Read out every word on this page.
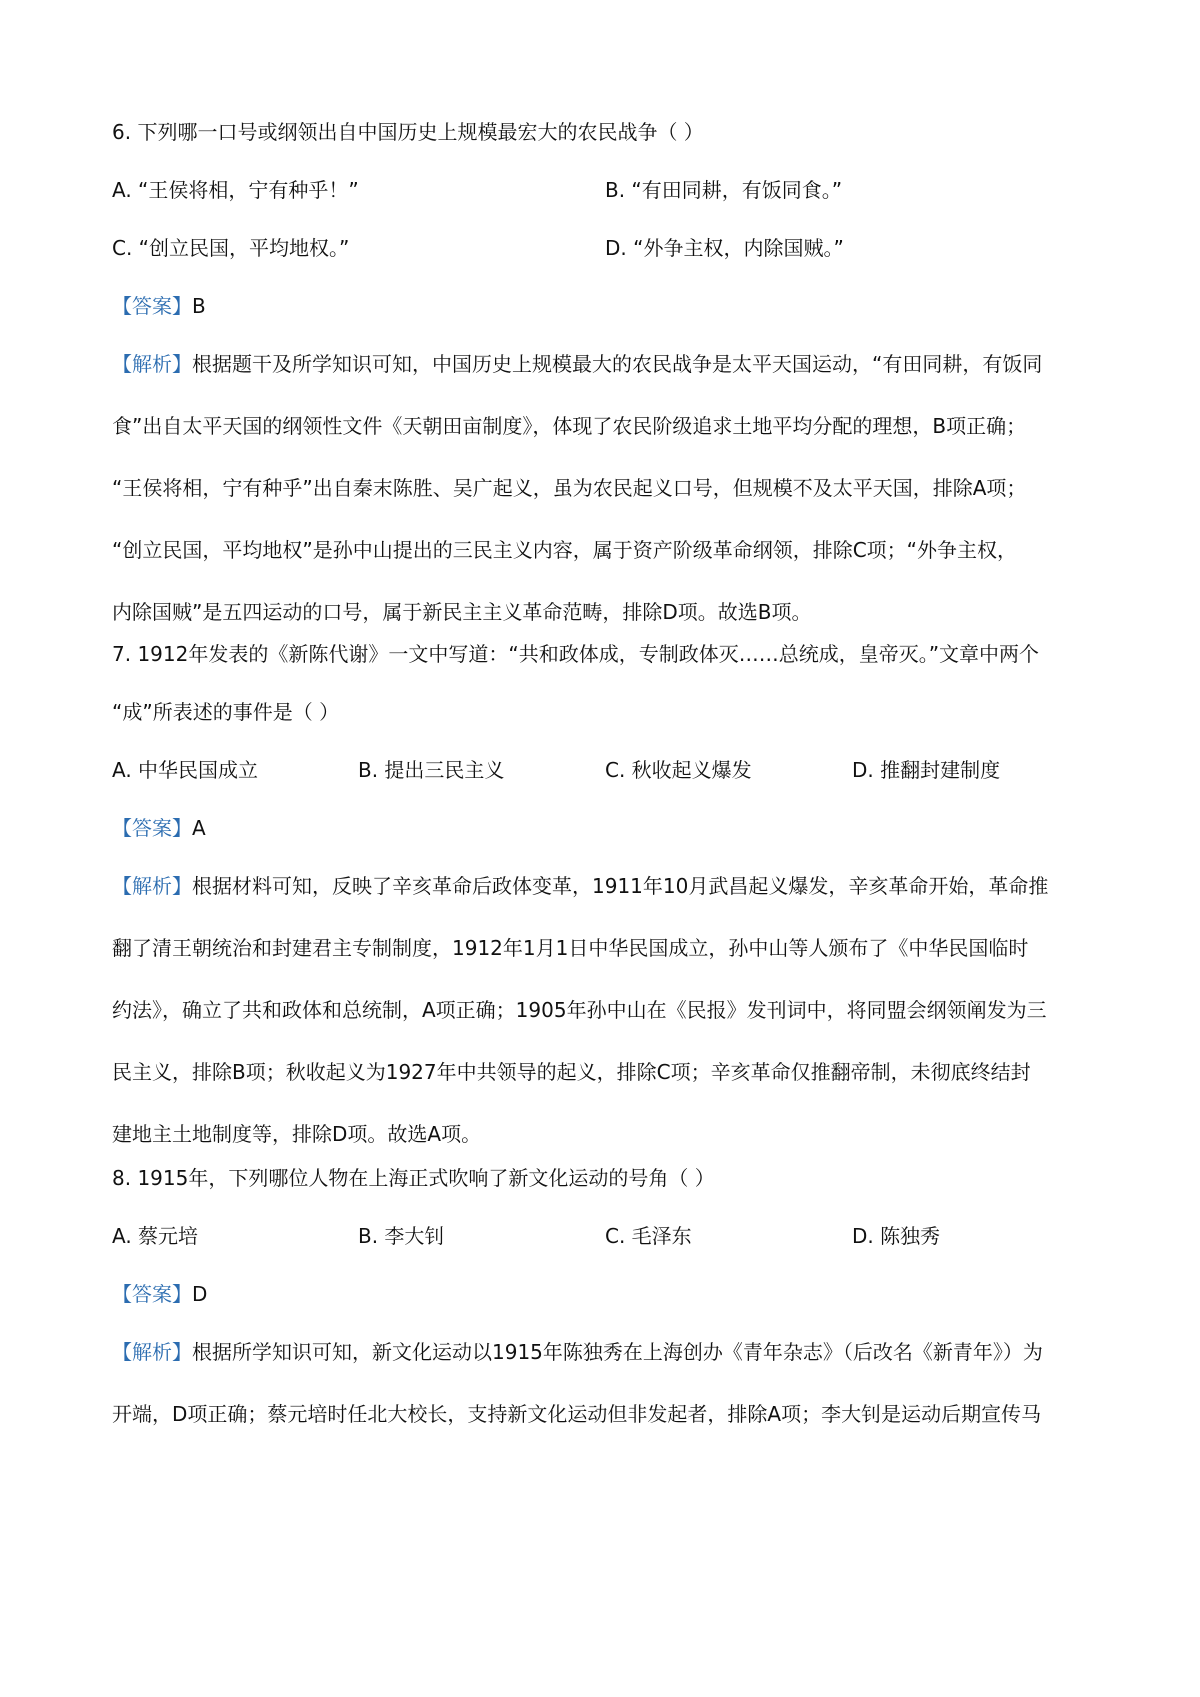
6. 下列哪一口号或纲领出自中国历史上规模最宏大的农民战争（ ）
A. “王侯将相，宁有种乎！”	B. “有田同耕，有饭同食。”
C. “创立民国，平均地权。”	D. “外争主权，内除国贼。”
【答案】B
【解析】根据题干及所学知识可知，中国历史上规模最大的农民战争是太平天国运动，“有田同耕，有饭同
食”出自太平天国的纲领性文件《天朝田亩制度》，体现了农民阶级追求土地平均分配的理想，B项正确；
“王侯将相，宁有种乎”出自秦末陈胜、吴广起义，虽为农民起义口号，但规模不及太平天国，排除A项；
“创立民国，平均地权”是孙中山提出的三民主义内容，属于资产阶级革命纲领，排除C项；“外争主权，
内除国贼”是五四运动的口号，属于新民主主义革命范畴，排除D项。故选B项。
7. 1912年发表的《新陈代谢》一文中写道：“共和政体成，专制政体灭……总统成，皇帝灭。”文章中两个
“成”所表述的事件是（ ）
A. 中华民国成立	B. 提出三民主义	C. 秋收起义爆发	D. 推翻封建制度
【答案】A
【解析】根据材料可知，反映了辛亥革命后政体变革，1911年10月武昌起义爆发，辛亥革命开始，革命推
翻了清王朝统治和封建君主专制制度，1912年1月1日中华民国成立，孙中山等人颁布了《中华民国临时
约法》，确立了共和政体和总统制，A项正确；1905年孙中山在《民报》发刊词中，将同盟会纲领阐发为三
民主义，排除B项；秋收起义为1927年中共领导的起义，排除C项；辛亥革命仅推翻帝制，未彻底终结封
建地主土地制度等，排除D项。故选A项。
8. 1915年，下列哪位人物在上海正式吹响了新文化运动的号角（ ）
A. 蔡元培	B. 李大钊	C. 毛泽东	D. 陈独秀
【答案】D
【解析】根据所学知识可知，新文化运动以1915年陈独秀在上海创办《青年杂志》（后改名《新青年》）为
开端，D项正确；蔡元培时任北大校长，支持新文化运动但非发起者，排除A项；李大钊是运动后期宣传马
